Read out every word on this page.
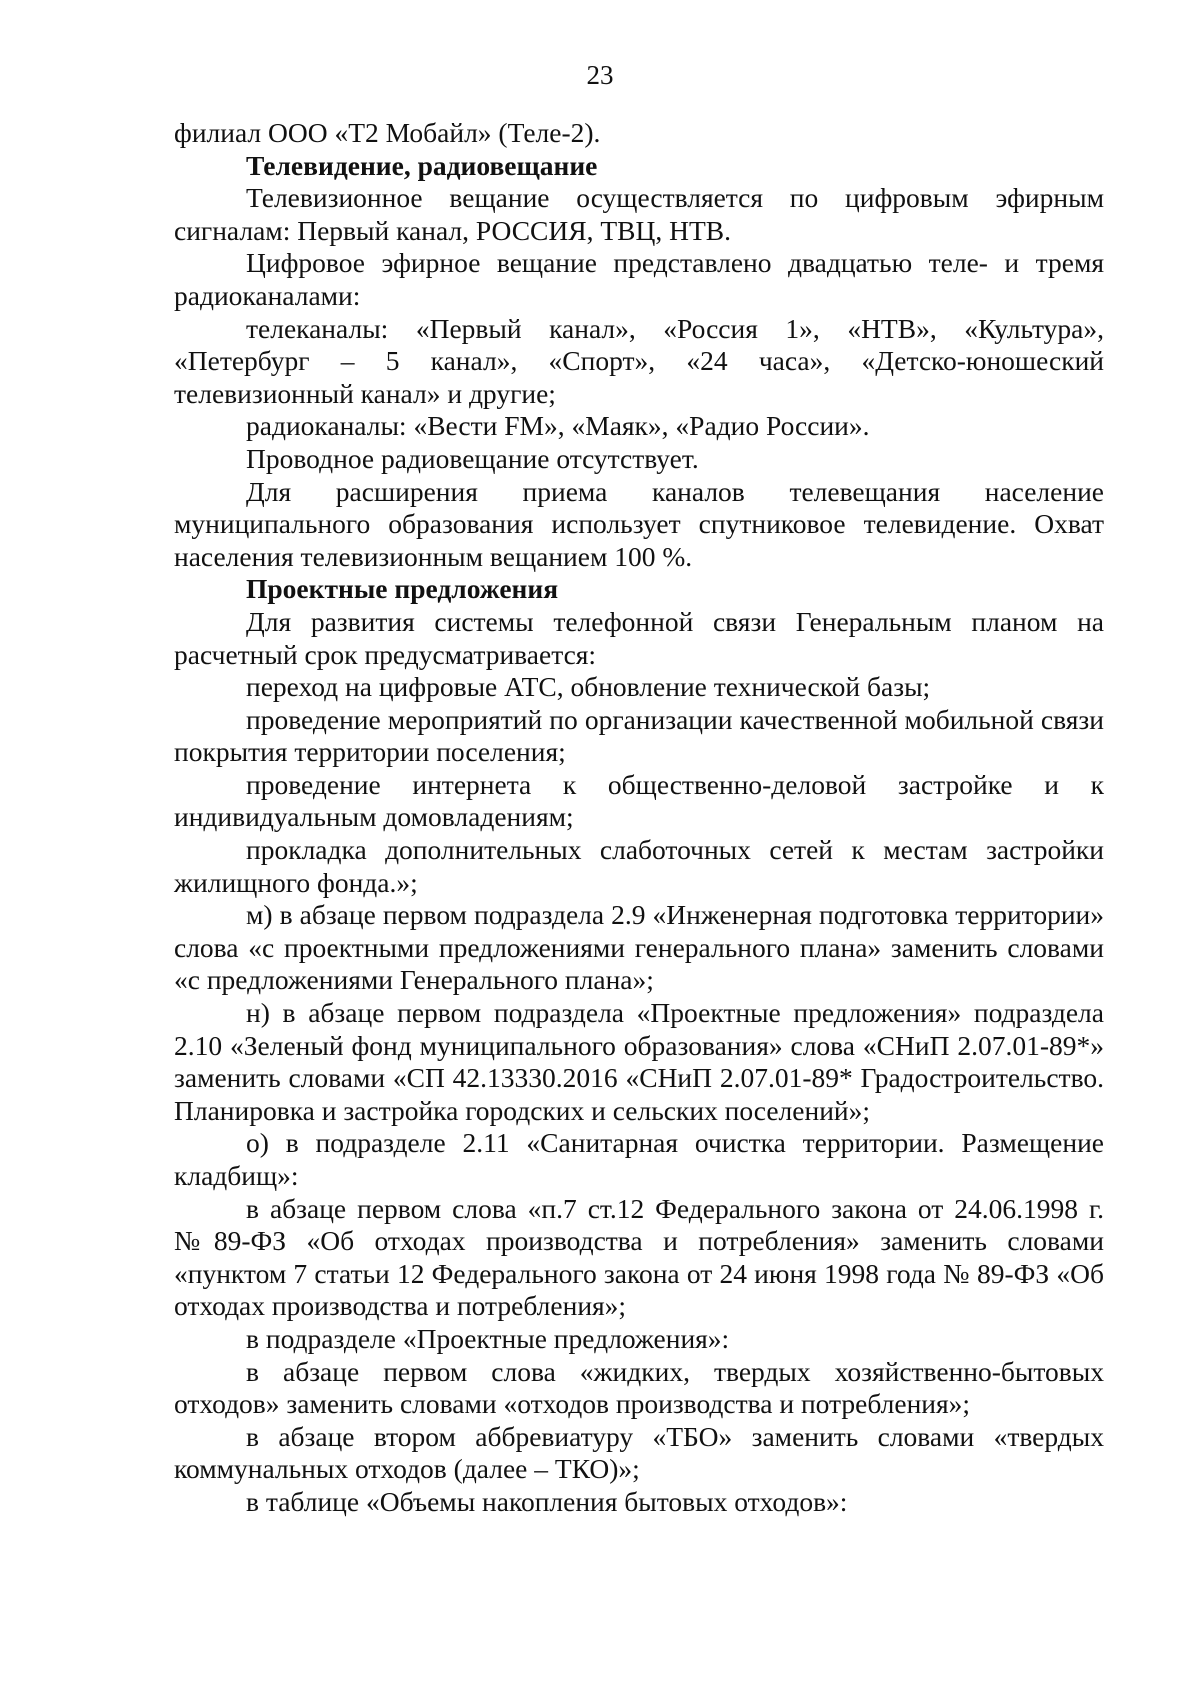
23

филиал ООО «Т2 Мобайл» (Теле-2).

Телевидение, радиовещание

Телевизионное вещание осуществляется по цифровым эфирным сигналам: Первый канал, РОССИЯ, ТВЦ, НТВ.

Цифровое эфирное вещание представлено двадцатью теле- и тремя радиоканалами:

телеканалы: «Первый канал», «Россия 1», «НТВ», «Культура», «Петербург – 5 канал», «Спорт», «24 часа», «Детско-юношеский телевизионный канал» и другие;

радиоканалы: «Вести FM», «Маяк», «Радио России».

Проводное радиовещание отсутствует.

Для расширения приема каналов телевещания население муниципального образования использует спутниковое телевидение. Охват населения телевизионным вещанием 100 %.

Проектные предложения

Для развития системы телефонной связи Генеральным планом на расчетный срок предусматривается:

переход на цифровые АТС, обновление технической базы;

проведение мероприятий по организации качественной мобильной связи покрытия территории поселения;

проведение интернета к общественно-деловой застройке и к индивидуальным домовладениям;

прокладка дополнительных слаботочных сетей к местам застройки жилищного фонда.»;

м) в абзаце первом подраздела 2.9 «Инженерная подготовка территории» слова «с проектными предложениями генерального плана» заменить словами «с предложениями Генерального плана»;

н) в абзаце первом подраздела «Проектные предложения» подраздела 2.10 «Зеленый фонд муниципального образования» слова «СНиП 2.07.01-89*» заменить словами «СП 42.13330.2016 «СНиП 2.07.01-89* Градостроительство. Планировка и застройка городских и сельских поселений»;

о) в подразделе 2.11 «Санитарная очистка территории. Размещение кладбищ»:

в абзаце первом слова «п.7 ст.12 Федерального закона от 24.06.1998 г. №89-ФЗ «Об отходах производства и потребления» заменить словами «пунктом 7 статьи 12 Федерального закона от 24 июня 1998 года № 89-ФЗ «Об отходах производства и потребления»;

в подразделе «Проектные предложения»:

в абзаце первом слова «жидких, твердых хозяйственно-бытовых отходов» заменить словами «отходов производства и потребления»;

в абзаце втором аббревиатуру «ТБО» заменить словами «твердых коммунальных отходов (далее – ТКО)»;

в таблице «Объемы накопления бытовых отходов»:
